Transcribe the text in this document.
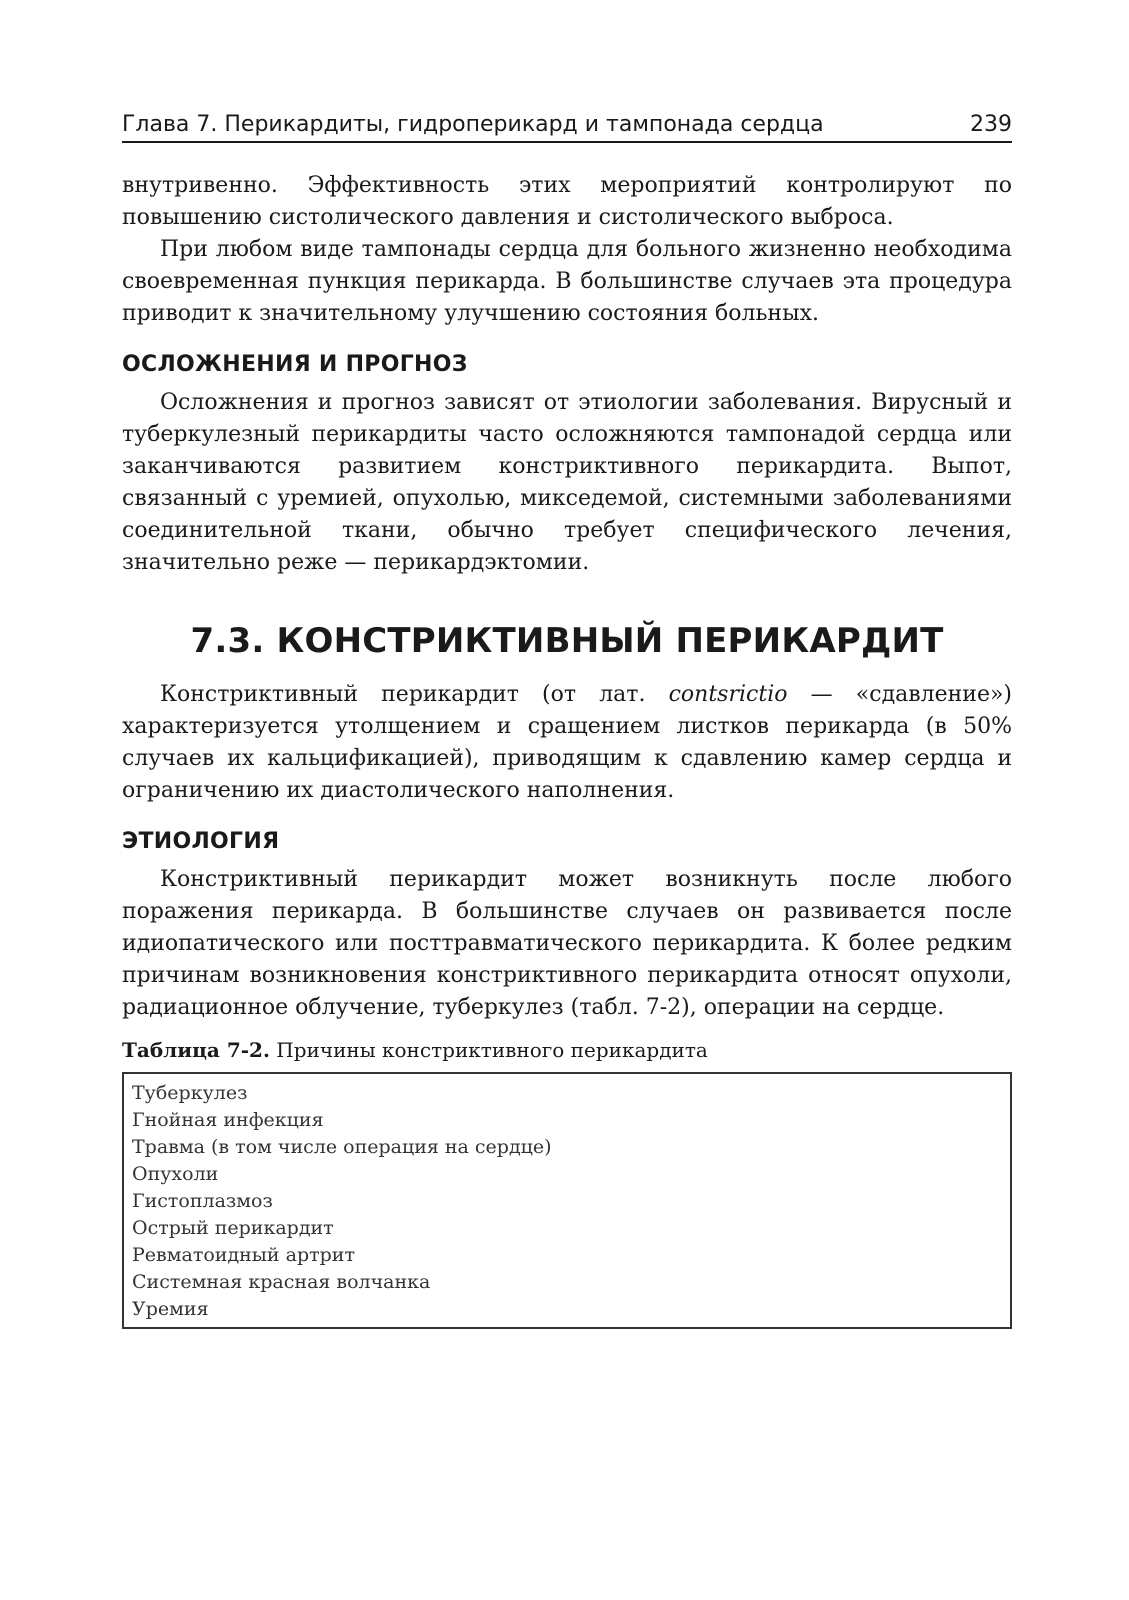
Глава 7. Перикардиты, гидроперикард и тампонада сердца	239

внутривенно. Эффективность этих мероприятий контролируют по повышению систолического давления и систолического выброса.

При любом виде тампонады сердца для больного жизненно необходима своевременная пункция перикарда. В большинстве случаев эта процедура приводит к значительному улучшению состояния больных.

ОСЛОЖНЕНИЯ И ПРОГНОЗ

Осложнения и прогноз зависят от этиологии заболевания. Вирусный и туберкулезный перикардиты часто осложняются тампонадой сердца или заканчиваются развитием констриктивного перикардита. Выпот, связанный с уремией, опухолью, микседемой, системными заболеваниями соединительной ткани, обычно требует специфического лечения, значительно реже — перикардэктомии.

7.3. КОНСТРИКТИВНЫЙ ПЕРИКАРДИТ

Констриктивный перикардит (от лат. contsrictio — «сдавление») характеризуется утолщением и сращением листков перикарда (в 50% случаев их кальцификацией), приводящим к сдавлению камер сердца и ограничению их диастолического наполнения.

ЭТИОЛОГИЯ

Констриктивный перикардит может возникнуть после любого поражения перикарда. В большинстве случаев он развивается после идиопатического или посттравматического перикардита. К более редким причинам возникновения констриктивного перикардита относят опухоли, радиационное облучение, туберкулез (табл. 7-2), операции на сердце.

Таблица 7-2. Причины констриктивного перикардита
Туберкулез
Гнойная инфекция
Травма (в том числе операция на сердце)
Опухоли
Гистоплазмоз
Острый перикардит
Ревматоидный артрит
Системная красная волчанка
Уремия
